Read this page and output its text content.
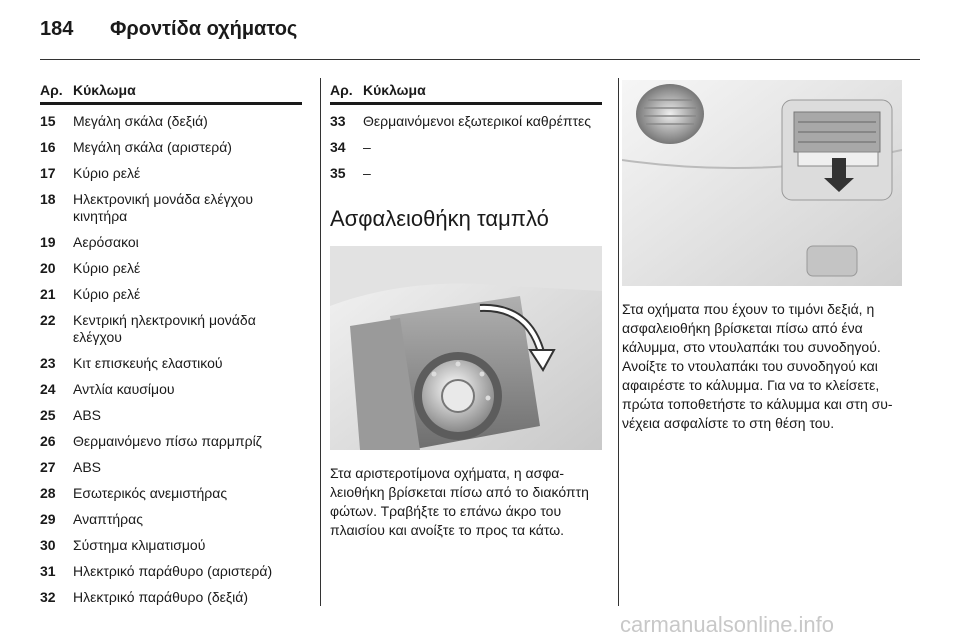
184 Φροντίδα οχήματος
Αρ. Κύκλωμα
15	Μεγάλη σκάλα (δεξιά)
16	Μεγάλη σκάλα (αριστερά)
17	Κύριο ρελέ
18	Ηλεκτρονική μονάδα ελέγχου κινητήρα
19	Αερόσακοι
20	Κύριο ρελέ
21	Κύριο ρελέ
22	Κεντρική ηλεκτρονική μονάδα ελέγχου
23	Κιτ επισκευής ελαστικού
24	Αντλία καυσίμου
25	ABS
26	Θερμαινόμενο πίσω παρμπρίζ
27	ABS
28	Εσωτερικός ανεμιστήρας
29	Αναπτήρας
30	Σύστημα κλιματισμού
31	Ηλεκτρικό παράθυρο (αριστερά)
32	Ηλεκτρικό παράθυρο (δεξιά)
Αρ. Κύκλωμα
33	Θερμαινόμενοι εξωτερικοί καθρέπτες
34	–
35	–
Ασφαλειοθήκη ταμπλό
Στα αριστεροτίμονα οχήματα, η ασφαλειοθήκη βρίσκεται πίσω από το διακόπτη φώτων. Τραβήξτε το επάνω άκρο του πλαισίου και ανοίξτε το προς τα κάτω.
Στα οχήματα που έχουν το τιμόνι δεξιά, η ασφαλειοθήκη βρίσκεται πίσω από ένα κάλυμμα, στο ντουλαπάκι του συνοδηγού. Ανοίξτε το ντουλαπάκι του συνοδηγού και αφαιρέστε το κάλυμμα. Για να το κλείσετε, πρώτα τοποθετήστε το κάλυμμα και στη συνέχεια ασφαλίστε το στη θέση του.
carmanualsonline.info
